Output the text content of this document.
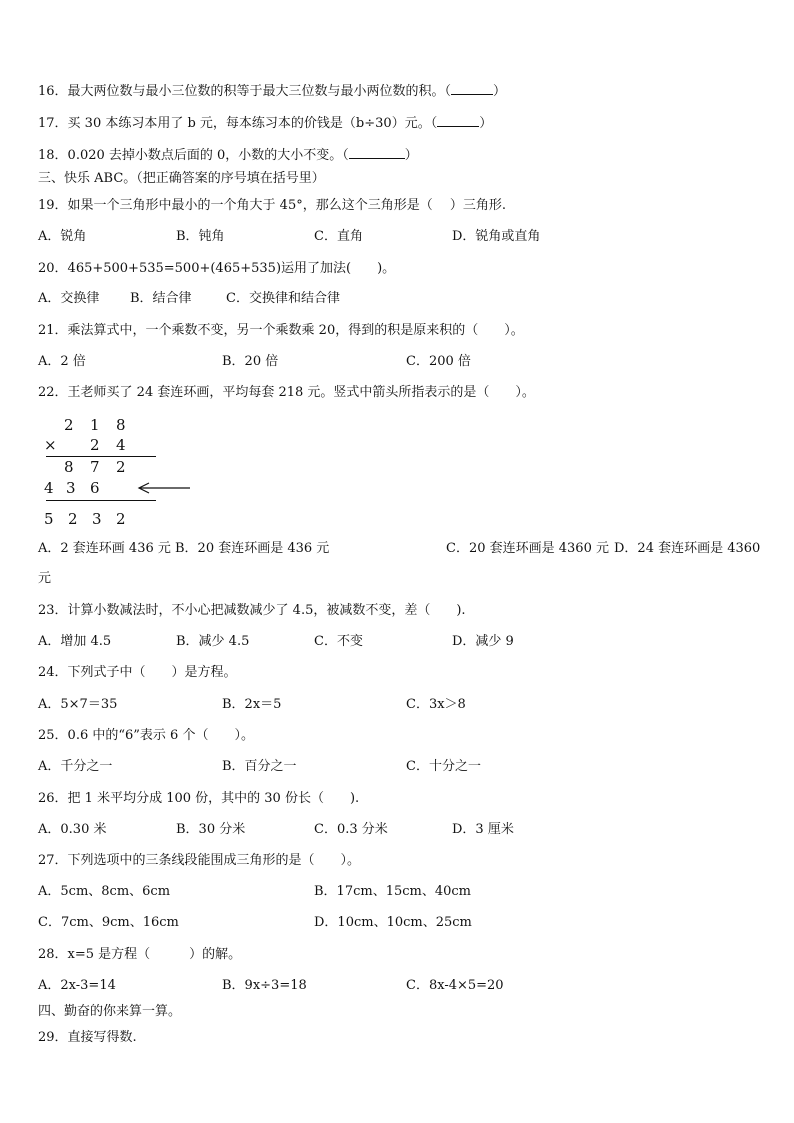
16．最大两位数与最小三位数的积等于最大三位数与最小两位数的积。（	）
17．买 30 本练习本用了 b 元，每本练习本的价钱是（b÷30）元。（	）
18．0.020 去掉小数点后面的 0，小数的大小不变。（	）
三、快乐 ABC。（把正确答案的序号填在括号里）
19．如果一个三角形中最小的一个角大于 45°，那么这个三角形是（　 ）三角形.
A．锐角	B．钝角	C．直角	D．锐角或直角
20．465+500+535=500+(465+535)运用了加法(　　)。
A．交换律 B．结合律	C．交换律和结合律
21．乘法算式中，一个乘数不变，另一个乘数乘 20，得到的积是原来积的（　　）。
A．2 倍	B．20 倍	C．200 倍
22．王老师买了 24 套连环画，平均每套 218 元。竖式中箭头所指表示的是（　　）。
2 1 8
× 2 4
8 7 2
4 3 6
5 2 3 2
A．2 套连环画 436 元 B．20 套连环画是 436 元	C．20 套连环画是 4360 元 D．24 套连环画是 4360
元
23．计算小数减法时，不小心把减数减少了 4.5，被减数不变，差（　　).
A．增加 4.5	B．减少 4.5	C．不变	D．减少 9
24．下列式子中（　　）是方程。
A．5×7＝35	B．2x＝5	C．3x＞8
25．0.6 中的“6”表示 6 个（　　）。
A．千分之一	B．百分之一	C．十分之一
26．把 1 米平均分成 100 份，其中的 30 份长（　　).
A．0.30 米	B．30 分米	C．0.3 分米	D．3 厘米
27．下列选项中的三条线段能围成三角形的是（　　）。
A．5cm、8cm、6cm	B．17cm、15cm、40cm
C．7cm、9cm、16cm	D．10cm、10cm、25cm
28．x=5 是方程（　　　）的解。
A．2x-3=14	B．9x÷3=18	C．8x-4×5=20
四、勤奋的你来算一算。
29．直接写得数.
